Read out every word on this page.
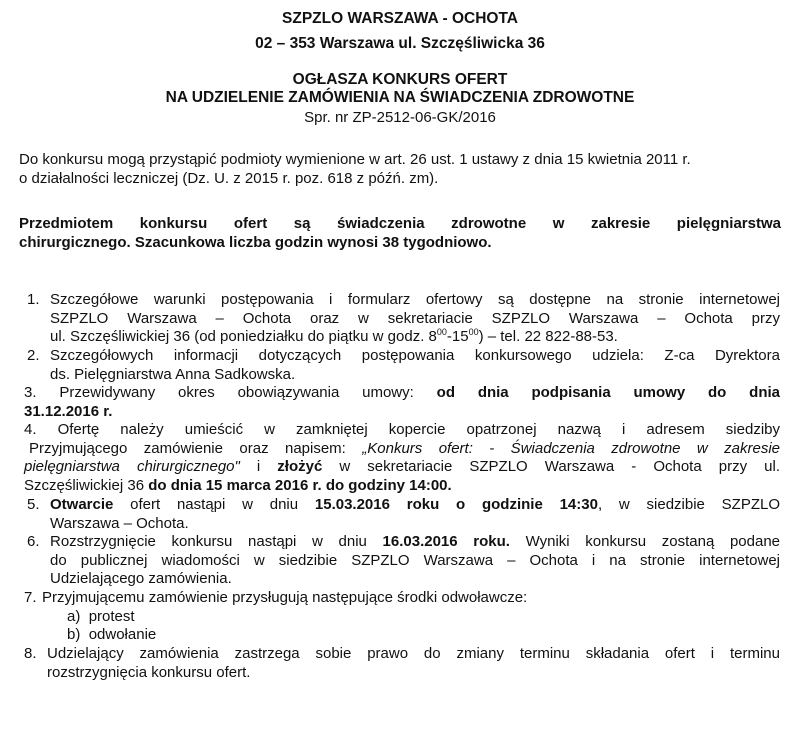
SZPZLO WARSZAWA - OCHOTA
02 – 353 Warszawa ul. Szczęśliwicka 36
OGŁASZA KONKURS OFERT
NA UDZIELENIE ZAMÓWIENIA NA ŚWIADCZENIA ZDROWOTNE
Spr. nr ZP-2512-06-GK/2016
Do konkursu mogą przystąpić podmioty wymienione w art. 26 ust. 1 ustawy z dnia 15 kwietnia 2011 r.
o działalności leczniczej (Dz. U. z 2015 r. poz. 618 z późń. zm).
Przedmiotem konkursu ofert są świadczenia zdrowotne w zakresie pielęgniarstwa
chirurgicznego. Szacunkowa liczba godzin wynosi 38 tygodniowo.
1. Szczegółowe warunki postępowania i formularz ofertowy są dostępne na stronie internetowej
SZPZLO Warszawa – Ochota oraz w sekretariacie SZPZLO Warszawa – Ochota przy
ul. Szczęśliwickiej 36 (od poniedziałku do piątku w godz. $8^{00}-15^{00}$) – tel. 22 822-88-53.
2. Szczegółowych informacji dotyczących postępowania konkursowego udziela: Z-ca Dyrektora
ds. Pielęgniarstwa Anna Sadkowska.
3. Przewidywany okres obowiązywania umowy: od dnia podpisania umowy do dnia
31.12.2016 r.
4. Ofertę należy umieścić w zamkniętej kopercie opatrzonej nazwą i adresem siedziby
Przyjmującego zamówienie oraz napisem: „Konkurs ofert: - Świadczenia zdrowotne w zakresie
pielęgniarstwa chirurgicznego" i złożyć w sekretariacie SZPZLO Warszawa - Ochota przy ul.
Szczęśliwickiej 36 do dnia 15 marca 2016 r. do godziny 14:00.
5. Otwarcie ofert nastąpi w dniu 15.03.2016 roku o godzinie 14:30, w siedzibie SZPZLO
Warszawa – Ochota.
6. Rozstrzygnięcie konkursu nastąpi w dniu 16.03.2016 roku. Wyniki konkursu zostaną podane
do publicznej wiadomości w siedzibie SZPZLO Warszawa – Ochota i na stronie internetowej
Udzielającego zamówienia.
7. Przyjmującemu zamówienie przysługują następujące środki odwoławcze:
a) protest
b) odwołanie
8. Udzielający zamówienia zastrzega sobie prawo do zmiany terminu składania ofert i terminu
rozstrzygnięcia konkursu ofert.
